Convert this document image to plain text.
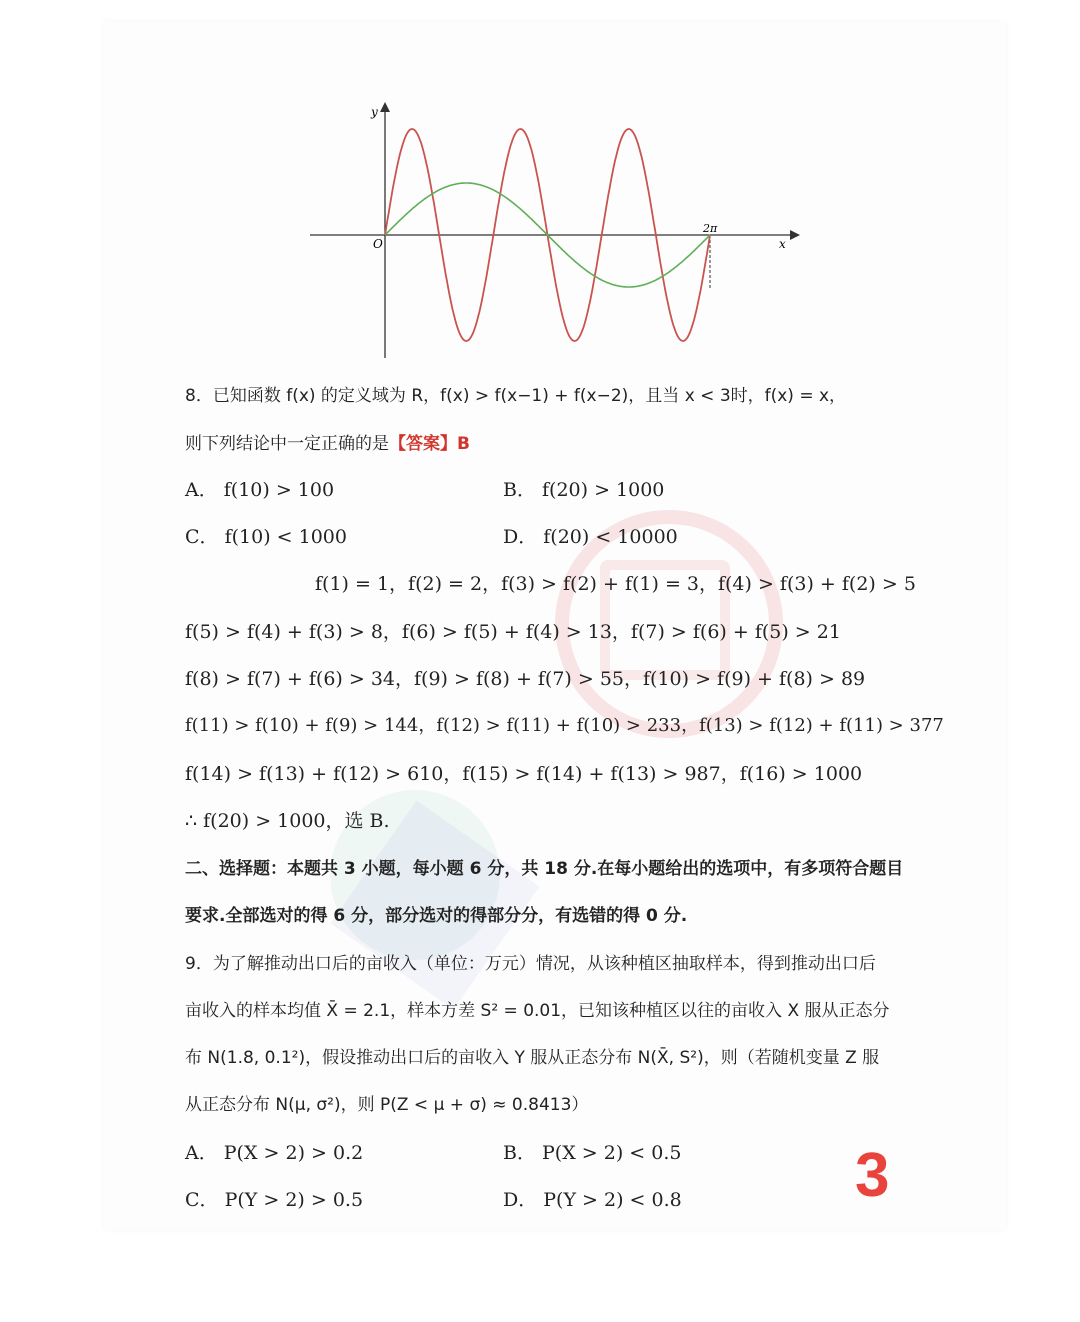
y
x
O
2π
8．已知函数 f(x) 的定义域为 R，f(x) > f(x−1) + f(x−2)，且当 x < 3时，f(x) = x，
则下列结论中一定正确的是【答案】B
A． f(10) > 100	B． f(20) > 1000
C． f(10) < 1000	D． f(20) < 10000
f(1) = 1，f(2) = 2，f(3) > f(2) + f(1) = 3，f(4) > f(3) + f(2) > 5
f(5) > f(4) + f(3) > 8，f(6) > f(5) + f(4) > 13，f(7) > f(6) + f(5) > 21
f(8) > f(7) + f(6) > 34，f(9) > f(8) + f(7) > 55，f(10) > f(9) + f(8) > 89
f(11) > f(10) + f(9) > 144，f(12) > f(11) + f(10) > 233，f(13) > f(12) + f(11) > 377
f(14) > f(13) + f(12) > 610，f(15) > f(14) + f(13) > 987，f(16) > 1000
∴ f(20) > 1000，选 B.
二、选择题：本题共 3 小题，每小题 6 分，共 18 分.在每小题给出的选项中，有多项符合题目
要求.全部选对的得 6 分，部分选对的得部分分，有选错的得 0 分.
9．为了解推动出口后的亩收入（单位：万元）情况，从该种植区抽取样本，得到推动出口后
亩收入的样本均值 X̄ = 2.1，样本方差 S² = 0.01，已知该种植区以往的亩收入 X 服从正态分
布 N(1.8, 0.1²)，假设推动出口后的亩收入 Y 服从正态分布 N(X̄, S²)，则（若随机变量 Z 服
从正态分布 N(μ, σ²)，则 P(Z < μ + σ) ≈ 0.8413）
A． P(X > 2) > 0.2	B． P(X > 2) < 0.5
C． P(Y > 2) > 0.5	D． P(Y > 2) < 0.8	3
